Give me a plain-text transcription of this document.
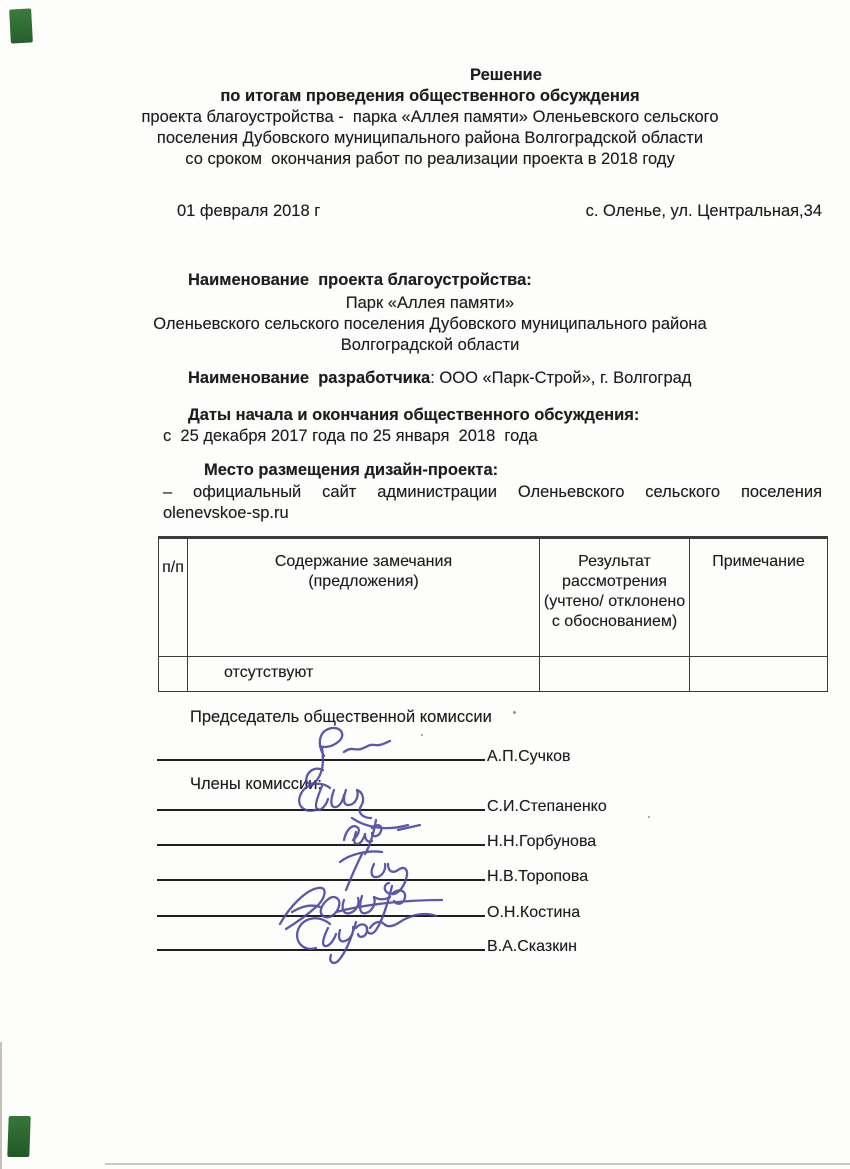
Решение
по итогам проведения общественного обсуждения
проекта благоустройства -  парка «Аллея памяти» Оленьевского сельского
поселения Дубовского муниципального района Волгоградской области
со сроком  окончания работ по реализации проекта в 2018 году
01 февраля 2018 г	с. Оленье, ул. Центральная,34
Наименование  проекта благоустройства:
Парк «Аллея памяти»
Оленьевского сельского поселения Дубовского муниципального района
Волгоградской области
Наименование  разработчика: ООО «Парк-Строй», г. Волгоград
Даты начала и окончания общественного обсуждения:
с  25 декабря 2017 года по 25 января  2018  года
Место размещения дизайн-проекта:
– официальный сайт администрации Оленьевского сельского поселения
olenevskoe-sp.ru
п/п	Содержание замечания (предложения)
Результат рассмотрения (учтено/ отклонено с обоснованием)
Примечание
отсутствуют
Председатель общественной комиссии
А.П.Сучков
Члены комиссии:
С.И.Степаненко
Н.Н.Горбунова
Н.В.Торопова
О.Н.Костина
В.А.Сказкин
